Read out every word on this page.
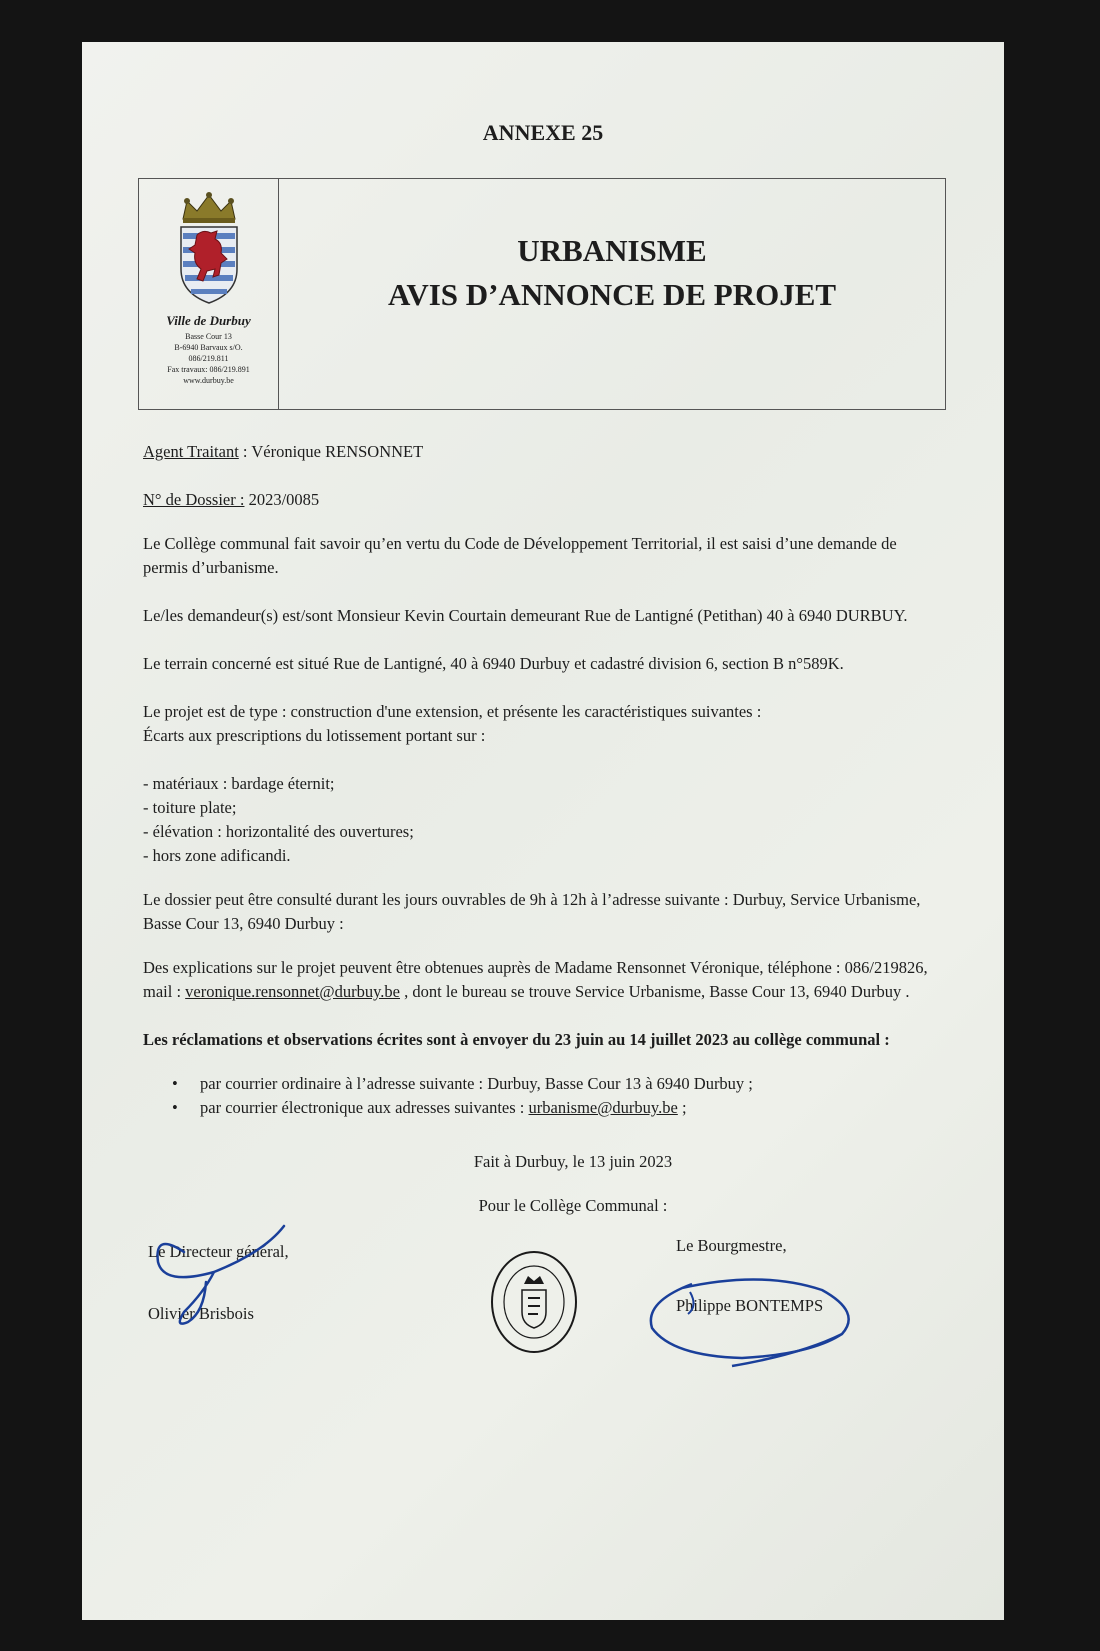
ANNEXE 25
Ville de Durbuy
Basse Cour 13
B-6940 Barvaux s/O.
086/219.811
Fax travaux: 086/219.891
www.durbuy.be
URBANISME
AVIS D’ANNONCE DE PROJET
Agent Traitant : Véronique RENSONNET
N° de Dossier : 2023/0085
Le Collège communal fait savoir qu’en vertu du Code de Développement Territorial, il est saisi d’une demande de permis d’urbanisme.
Le/les demandeur(s) est/sont Monsieur Kevin Courtain demeurant Rue de Lantigné (Petithan) 40 à 6940 DURBUY.
Le terrain concerné est situé Rue de Lantigné, 40 à 6940 Durbuy et cadastré division 6, section B n°589K.
Le projet est de type : construction d'une extension, et présente les caractéristiques suivantes :
Écarts aux prescriptions du lotissement portant sur :
- matériaux : bardage éternit;
- toiture plate;
- élévation : horizontalité des ouvertures;
- hors zone adificandi.
Le dossier peut être consulté durant les jours ouvrables de 9h à 12h à l’adresse suivante : Durbuy, Service Urbanisme, Basse Cour 13, 6940 Durbuy :
Des explications sur le projet peuvent être obtenues auprès de Madame Rensonnet Véronique, téléphone : 086/219826,
mail : veronique.rensonnet@durbuy.be , dont le bureau se trouve Service Urbanisme, Basse Cour 13, 6940 Durbuy .
Les réclamations et observations écrites sont à envoyer du 23 juin au 14 juillet 2023 au collège communal :
• par courrier ordinaire à l’adresse suivante : Durbuy, Basse Cour 13 à 6940 Durbuy ;
• par courrier électronique aux adresses suivantes : urbanisme@durbuy.be ;
Fait à Durbuy, le 13 juin 2023
Pour le Collège Communal :
Le Directeur général,
Olivier Brisbois
Le Bourgmestre,
Philippe BONTEMPS
